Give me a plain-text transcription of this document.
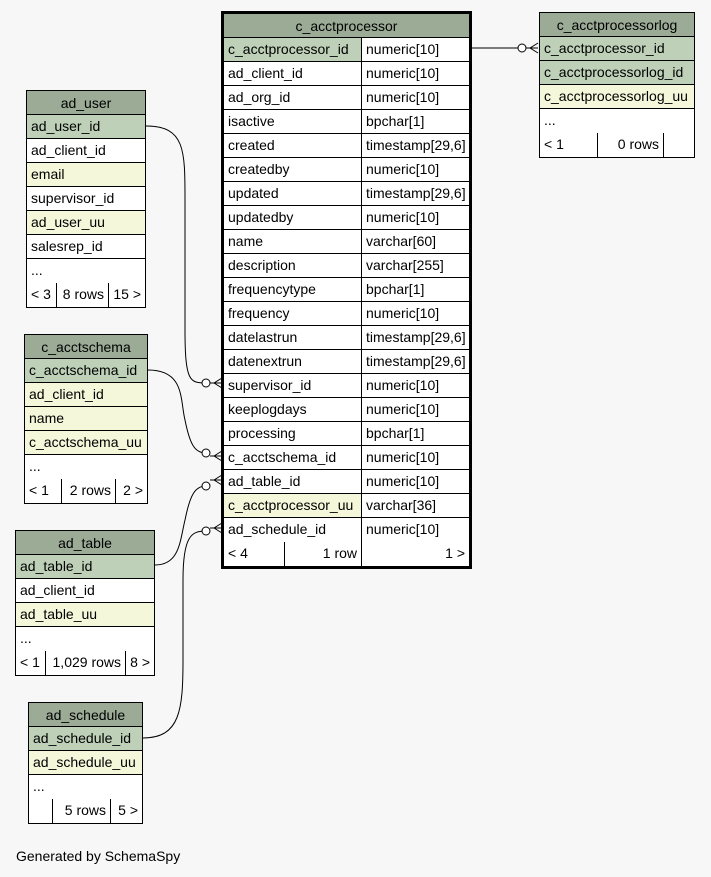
c_acctprocessor
c_acctprocessor_id	numeric[10]
ad_client_id	numeric[10]
ad_org_id	numeric[10]
isactive	bpchar[1]
created	timestamp[29,6]
createdby	numeric[10]
updated	timestamp[29,6]
updatedby	numeric[10]
name	varchar[60]
description	varchar[255]
frequencytype	bpchar[1]
frequency	numeric[10]
datelastrun	timestamp[29,6]
datenextrun	timestamp[29,6]
supervisor_id	numeric[10]
keeplogdays	numeric[10]
processing	bpchar[1]
c_acctschema_id	numeric[10]
ad_table_id	numeric[10]
c_acctprocessor_uu varchar[36]
ad_schedule_id	numeric[10]
< 4	1 row	1 >
c_acctprocessorlog
c_acctprocessor_id
c_acctprocessorlog_id
c_acctprocessorlog_uu
...
< 1	0 rows
ad_user
ad_user_id
ad_client_id
email
supervisor_id
ad_user_uu
salesrep_id
...
< 3 8 rows 15 >
c_acctschema
c_acctschema_id
ad_client_id
name
c_acctschema_uu
...
< 1	2 rows 2 >
ad_table
ad_table_id
ad_client_id
ad_table_uu
...
< 1 1,029 rows 8 >
ad_schedule
ad_schedule_id
ad_schedule_uu
...
5 rows 5 >
Generated by SchemaSpy
